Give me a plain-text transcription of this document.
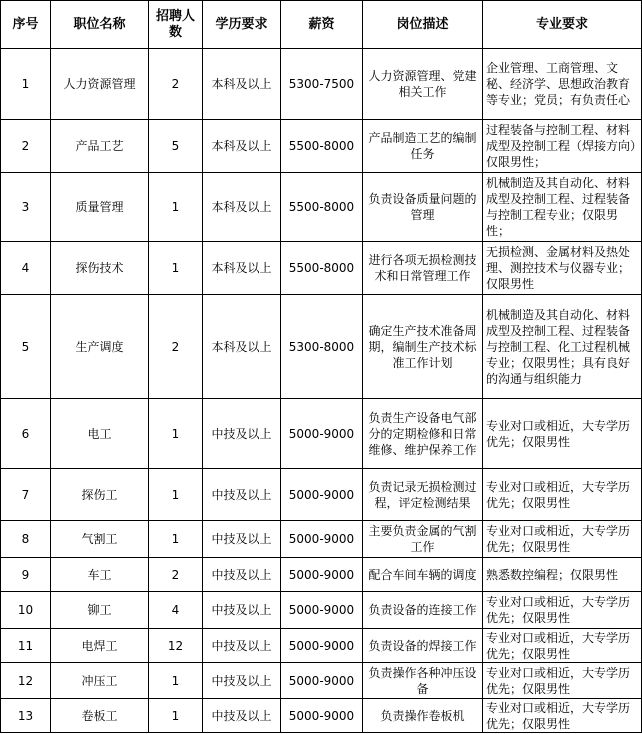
序号	职位名称	招聘人数	学历要求	薪资	岗位描述	专业要求
1	人力资源管理	2	本科及以上	5300-7500	人力资源管理、党建相关工作	企业管理、工商管理、文秘、经济学、思想政治教育等专业；党员；有负责任心
2	产品工艺	5	本科及以上	5500-8000	产品制造工艺的编制任务	过程装备与控制工程、材料成型及控制工程（焊接方向）仅限男性；
3	质量管理	1	本科及以上	5500-8000	负责设备质量问题的管理	机械制造及其自动化、材料成型及控制工程、过程装备与控制工程专业；仅限男性；
4	探伤技术	1	本科及以上	5500-8000	进行各项无损检测技术和日常管理工作	无损检测、金属材料及热处理、测控技术与仪器专业；仅限男性
5	生产调度	2	本科及以上	5300-8000	确定生产技术准备周期，编制生产技术标准工作计划	机械制造及其自动化、材料成型及控制工程、过程装备与控制工程、化工过程机械专业；仅限男性；具有良好的沟通与组织能力
6	电工	1	中技及以上	5000-9000	负责生产设备电气部分的定期检修和日常维修、维护保养工作	专业对口或相近，大专学历优先；仅限男性
7	探伤工	1	中技及以上	5000-9000	负责记录无损检测过程，评定检测结果	专业对口或相近，大专学历优先；仅限男性
8	气割工	1	中技及以上	5000-9000	主要负责金属的气割工作	专业对口或相近，大专学历优先；仅限男性
9	车工	2	中技及以上	5000-9000	配合车间车辆的调度	熟悉数控编程；仅限男性
10	铆工	4	中技及以上	5000-9000	负责设备的连接工作	专业对口或相近，大专学历优先；仅限男性
11	电焊工	12	中技及以上	5000-9000	负责设备的焊接工作	专业对口或相近，大专学历优先；仅限男性
12	冲压工	1	中技及以上	5000-9000	负责操作各种冲压设备	专业对口或相近，大专学历优先；仅限男性
13	卷板工	1	中技及以上	5000-9000	负责操作卷板机	专业对口或相近，大专学历优先；仅限男性
